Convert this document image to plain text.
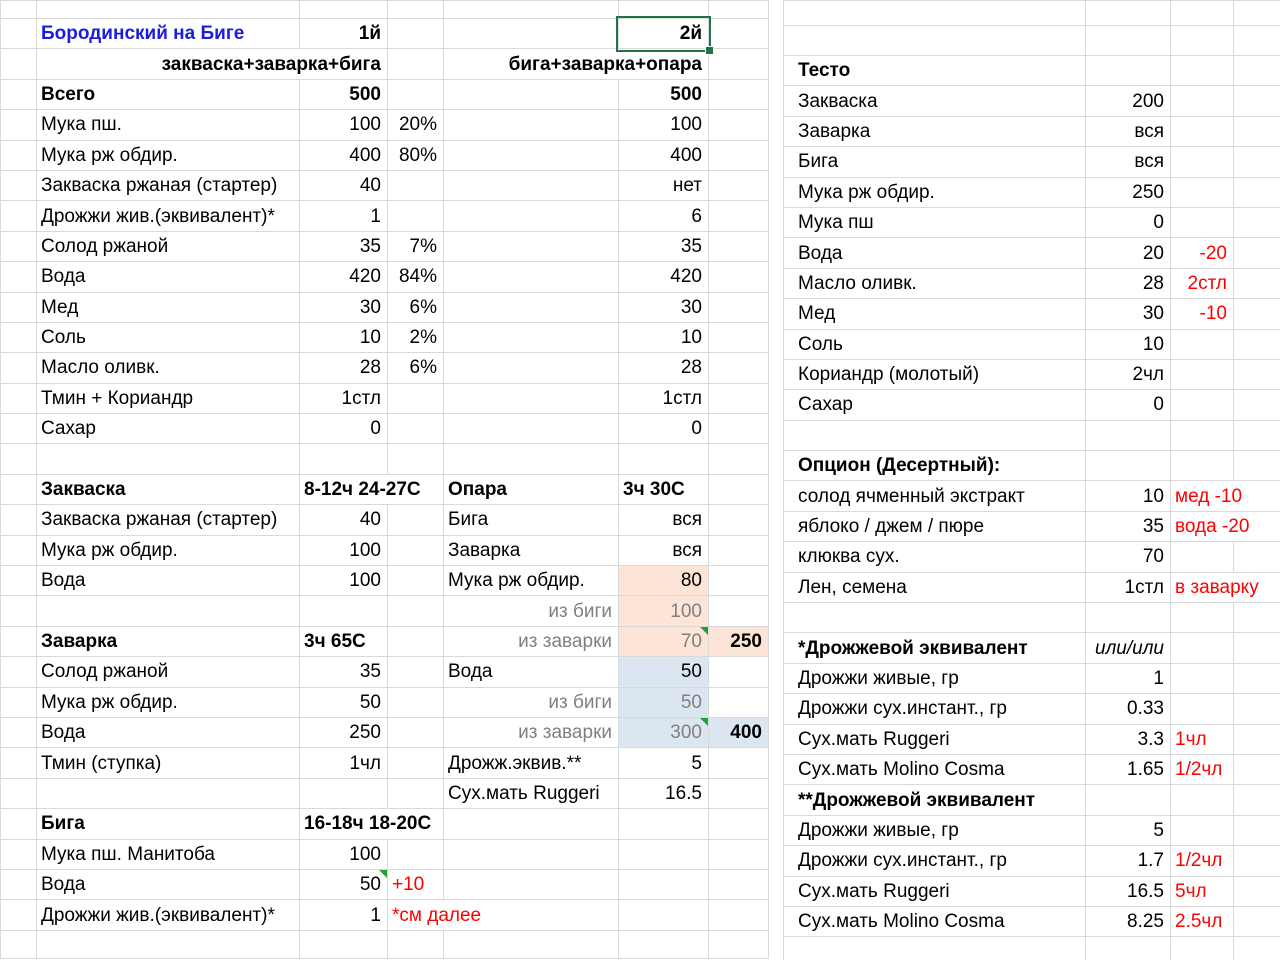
	Бородинский на Биге	1й			2й	
	закваска+заварка+бига			бига+заварка+опара		
	Всего	500			500	
	Мука пш.	100	20%		100	
	Мука рж обдир.	400	80%		400	
	Закваска ржаная (стартер)	40			нет	
	Дрожжи жив.(эквивалент)*	1			6	
	Солод ржаной	35	7%		35	
	Вода	420	84%		420	
	Мед	30	6%		30	
	Соль	10	2%		10	
	Масло оливк.	28	6%		28	
	Тмин + Кориандр	1стл			1стл	
	Сахар	0			0	

	Закваска	8-12ч 24-27С		Опара	3ч 30С	
	Закваска ржаная (стартер)	40		Бига	вся	
	Мука рж обдир.	100		Заварка	вся	
	Вода	100		Мука рж обдир.	80	
				из биги	100	
	Заварка	3ч 65С		из заварки	70	250
	Солод ржаной	35		Вода	50	
	Мука рж обдир.	50		из биги	50	
	Вода	250		из заварки	300	400
	Тмин (ступка)	1чл		Дрожж.эквив.**	5	
				Сух.мать Ruggeri	16.5	
	Бига	16-18ч 18-20С				
	Мука пш. Манитоба	100				
	Вода	50	+10			
	Дрожжи жив.(эквивалент)*	1	*см далее			

Тесто			
Закваска	200		
Заварка	вся		
Бига	вся		
Мука рж обдир.	250		
Мука пш	0		
Вода	20	-20	
Масло оливк.	28	2стл	
Мед	30	-10	
Соль	10		
Кориандр (молотый)	2чл		
Сахар	0		

Опцион (Десертный):			
солод ячменный экстракт	10	мед -10	
яблоко / джем / пюре	35	вода -20	
клюква сух.	70		
Лен, семена	1стл	в заварку	

*Дрожжевой эквивалент	или/или		
Дрожжи живые, гр	1		
Дрожжи сух.инстант., гр	0.33		
Сух.мать Ruggeri	3.3	1чл	
Сух.мать Molino Cosma	1.65	1/2чл	
**Дрожжевой эквивалент			
Дрожжи живые, гр	5		
Дрожжи сух.инстант., гр	1.7	1/2чл	
Сух.мать Ruggeri	16.5	5чл	
Сух.мать Molino Cosma	8.25	2.5чл	
